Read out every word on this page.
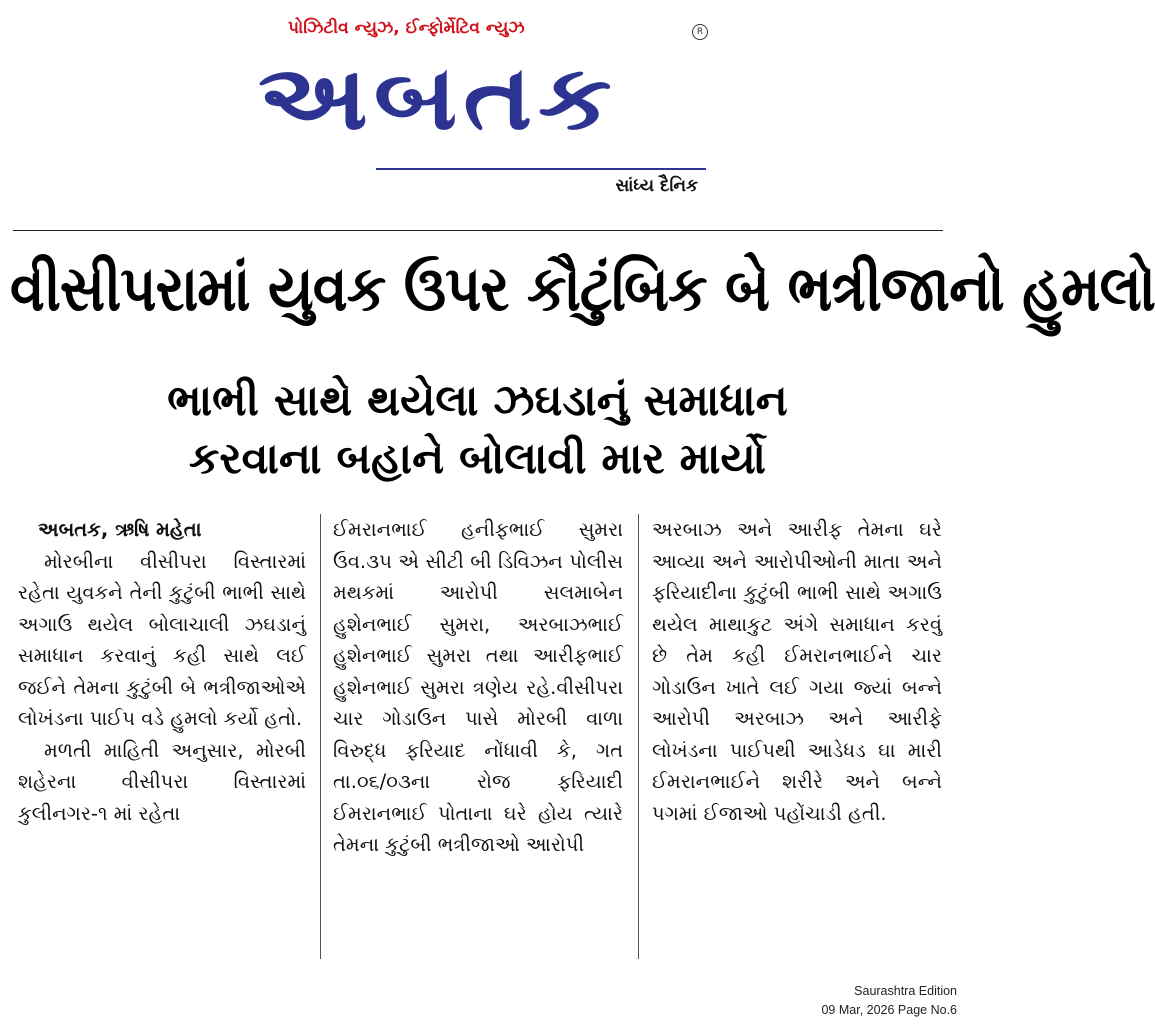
પોઝિટીવ ન્યુઝ, ઈન્ફોર્મેટિવ ન્યુઝ	R
અબતક
સાંધ્ય દૈનિક
વીસીપરામાં યુવક ઉપર કૌટુંબિક બે ભત્રીજાનો હુમલો
ભાભી સાથે થયેલા ઝઘડાનું સમાધાન
કરવાના બહાને બોલાવી માર માર્યો
અબતક, ઋષિ મહેતા

મોરબીના વીસીપરા વિસ્તારમાં રહેતા યુવકને તેની કુટુંબી ભાભી સાથે અગાઉ થયેલ બોલાચાલી ઝઘડાનું સમાધાન કરવાનું કહી સાથે લઈ જઈને તેમના કુટુંબી બે ભત્રીજાઓએ લોખંડના પાઈપ વડે હુમલો કર્યો હતો.

મળતી માહિતી અનુસાર, મોરબી શહેરના વીસીપરા વિસ્તારમાં કુલીનગર-૧ માં રહેતા

ઈમરાનભાઈ હનીફભાઈ સુમરા ઉવ.૩૫ એ સીટી બી ડિવિઝન પોલીસ મથકમાં આરોપી સલમાબેન હુશેનભાઈ સુમરા, અરબાઝભાઈ હુશેનભાઈ સુમરા તથા આરીફભાઈ હુશેનભાઈ સુમરા ત્રણેય રહે.વીસીપરા ચાર ગોડાઉન પાસે મોરબી વાળા વિરુદ્ધ ફરિયાદ નોંધાવી કે, ગત તા.૦૬/૦૩ના રોજ ફરિયાદી ઈમરાનભાઈ પોતાના ઘરે હોય ત્યારે તેમના કુટુંબી ભત્રીજાઓ આરોપી

અરબાઝ અને આરીફ તેમના ઘરે આવ્યા અને આરોપીઓની માતા અને ફરિયાદીના કુટુંબી ભાભી સાથે અગાઉ થયેલ માથાકુટ અંગે સમાધાન કરવું છે તેમ કહી ઈમરાનભાઈને ચાર ગોડાઉન ખાતે લઈ ગયા જ્યાં બન્ને આરોપી અરબાઝ અને આરીફે લોખંડના પાઈપથી આડેધડ ઘા મારી ઈમરાનભાઈને શરીરે અને બન્ને પગમાં ઈજાઓ પહોંચાડી હતી.

Saurashtra Edition
09 Mar, 2026 Page No.6
